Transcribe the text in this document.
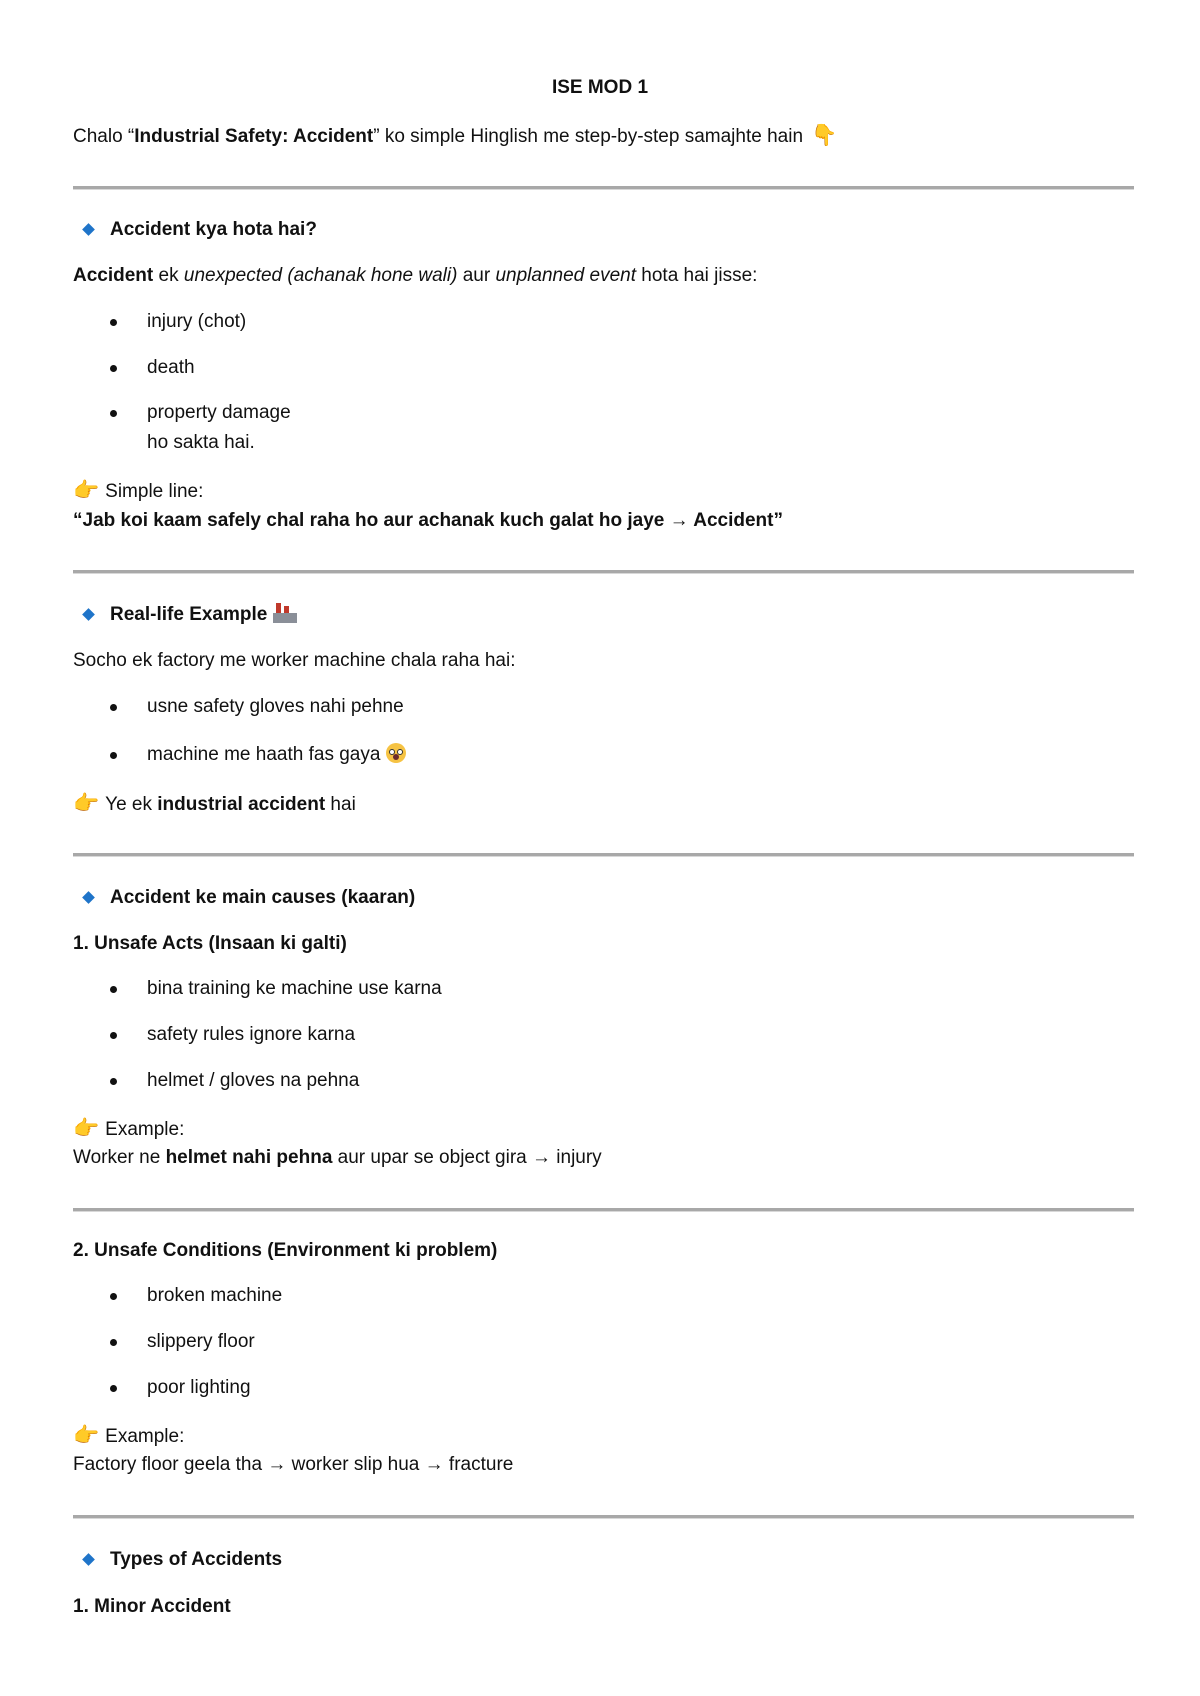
ISE MOD 1
Chalo “Industrial Safety: Accident” ko simple Hinglish me step-by-step samajhte hain 👇
Accident kya hota hai?
Accident ek unexpected (achanak hone wali) aur unplanned event hota hai jisse:
injury (chot)
death
property damage
ho sakta hai.
👉 Simple line:
“Jab koi kaam safely chal raha ho aur achanak kuch galat ho jaye → Accident”
Real-life Example
Socho ek factory me worker machine chala raha hai:
usne safety gloves nahi pehne
machine me haath fas gaya
👉 Ye ek industrial accident hai
Accident ke main causes (kaaran)
1. Unsafe Acts (Insaan ki galti)
bina training ke machine use karna
safety rules ignore karna
helmet / gloves na pehna
👉 Example:
Worker ne helmet nahi pehna aur upar se object gira → injury
2. Unsafe Conditions (Environment ki problem)
broken machine
slippery floor
poor lighting
👉 Example:
Factory floor geela tha → worker slip hua → fracture
Types of Accidents
1. Minor Accident
